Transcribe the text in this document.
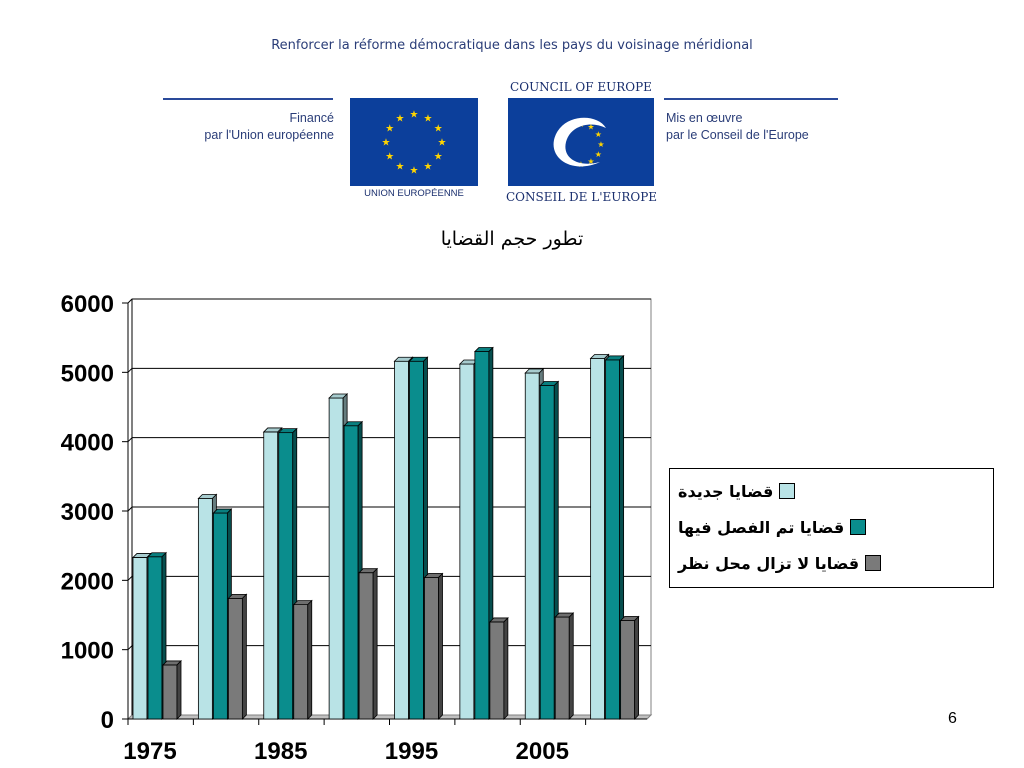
Renforcer la réforme démocratique dans les pays du voisinage méridional
Financé
par l'Union européenne
Mis en œuvre
par le Conseil de l'Europe
★ ★
★
★
★
★
★
★
★
★
★
★
UNION EUROPÉENNE
COUNCIL OF EUROPE
★
★
★
★
★
CONSEIL DE L'EUROPE
تطور حجم القضايا
0
1000
2000
3000
4000
5000
6000
1975	1985	1995	2005
قضايا جديدة
قضايا تم الفصل فيها
قضايا لا تزال محل نظر
6
